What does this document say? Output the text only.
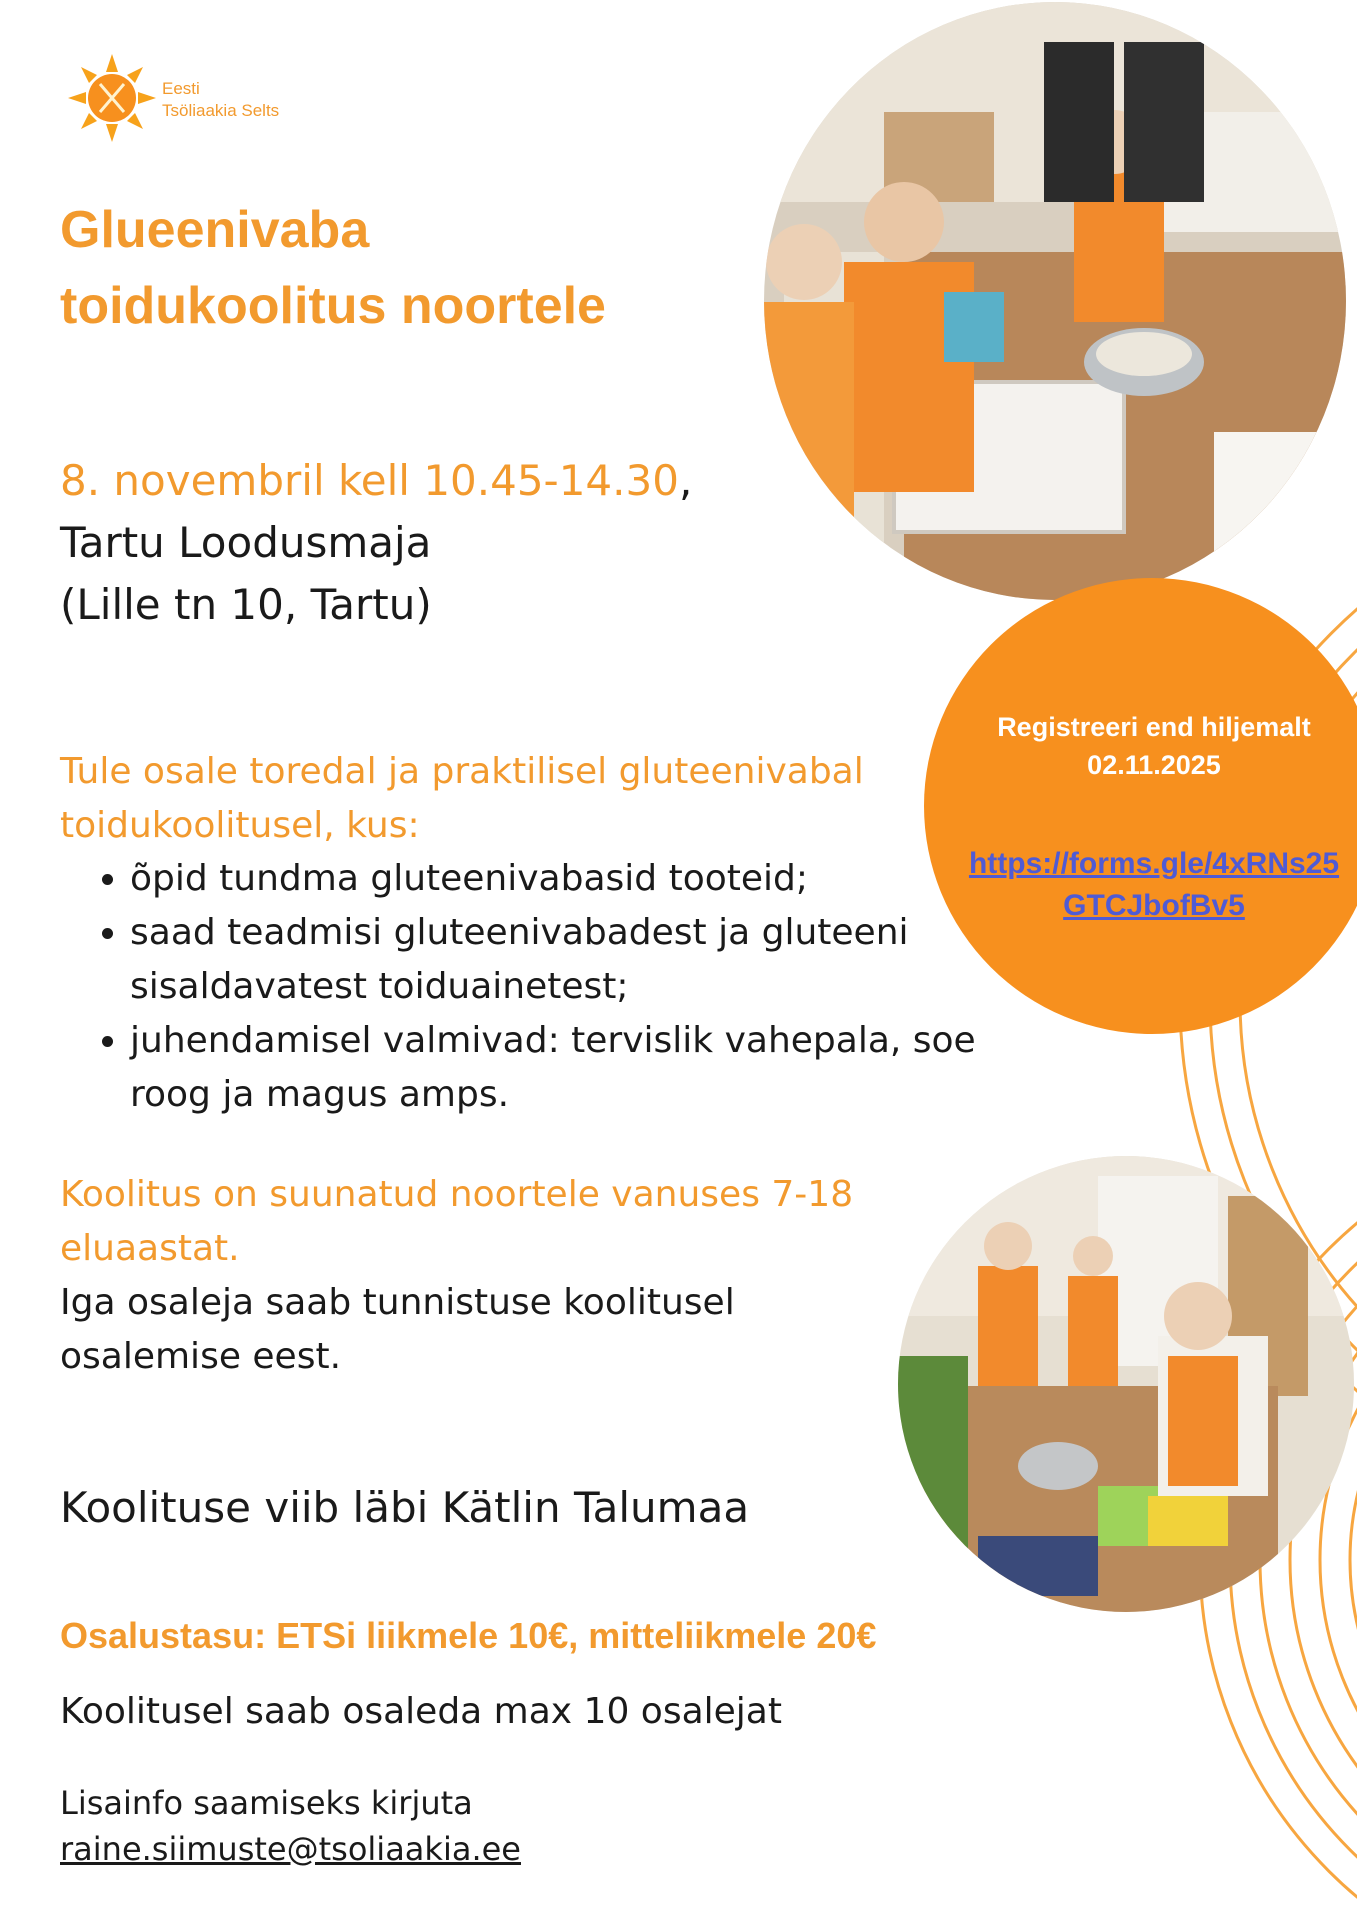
Eesti
Tsöliaakia Selts
Glueenivaba
toidukoolitus noortele
8. novembril kell 10.45-14.30,
Tartu Loodusmaja
(Lille tn 10, Tartu)
Tule osale toredal ja praktilisel gluteenivabal toidukoolitusel, kus:
• õpid tundma gluteenivabasid tooteid;
• saad teadmisi gluteenivabadest ja gluteeni sisaldavatest toiduainetest;
• juhendamisel valmivad: tervislik vahepala, soe roog ja magus amps.
Koolitus on suunatud noortele vanuses 7-18 eluaastat.
Iga osaleja saab tunnistuse koolitusel osalemise eest.
Koolituse viib läbi Kätlin Talumaa
Osalustasu: ETSi liikmele 10€, mitteliikmele 20€
Koolitusel saab osaleda max 10 osalejat
Lisainfo saamiseks kirjuta
raine.siimuste@tsoliaakia.ee
Registreeri end hiljemalt
02.11.2025
https://forms.gle/4xRNs25GTCJbofBv5
